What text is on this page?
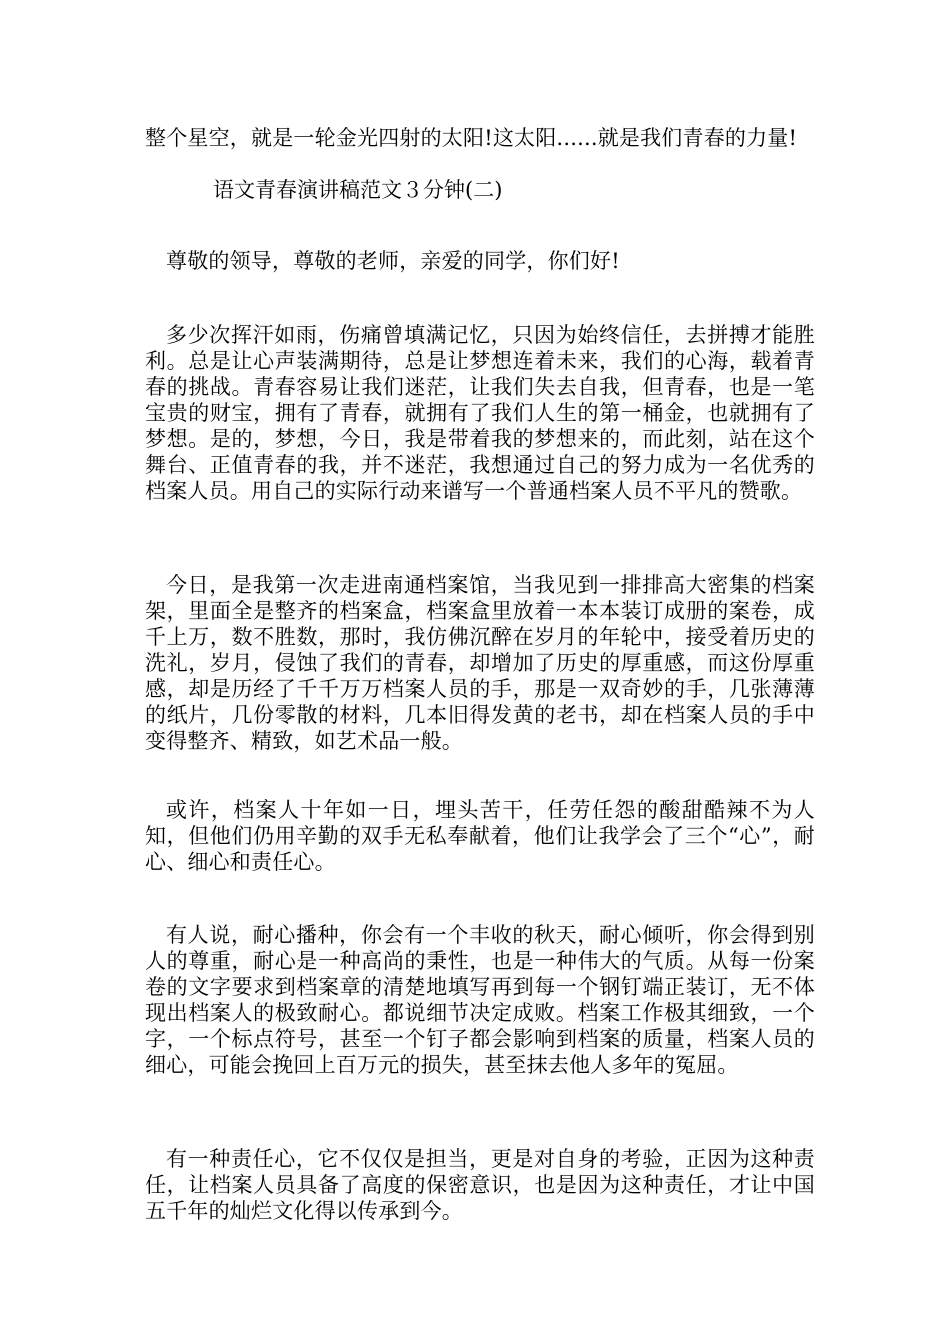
整个星空，就是一轮金光四射的太阳!这太阳......就是我们青春的力量!

语文青春演讲稿范文３分钟(二)

尊敬的领导，尊敬的老师，亲爱的同学，你们好!

多少次挥汗如雨，伤痛曾填满记忆，只因为始终信任，去拼搏才能胜利。总是让心声装满期待，总是让梦想连着未来，我们的心海，载着青春的挑战。青春容易让我们迷茫，让我们失去自我，但青春，也是一笔宝贵的财宝，拥有了青春，就拥有了我们人生的第一桶金，也就拥有了梦想。是的，梦想，今日，我是带着我的梦想来的，而此刻，站在这个舞台、正值青春的我，并不迷茫，我想通过自己的努力成为一名优秀的档案人员。用自己的实际行动来谱写一个普通档案人员不平凡的赞歌。

今日，是我第一次走进南通档案馆，当我见到一排排高大密集的档案架，里面全是整齐的档案盒，档案盒里放着一本本装订成册的案卷，成千上万，数不胜数，那时，我仿佛沉醉在岁月的年轮中，接受着历史的洗礼，岁月，侵蚀了我们的青春，却增加了历史的厚重感，而这份厚重感，却是历经了千千万万档案人员的手，那是一双奇妙的手，几张薄薄的纸片，几份零散的材料，几本旧得发黄的老书，却在档案人员的手中变得整齐、精致，如艺术品一般。

或许，档案人十年如一日，埋头苦干，任劳任怨的酸甜酷辣不为人知，但他们仍用辛勤的双手无私奉献着，他们让我学会了三个“心”，耐心、细心和责任心。

有人说，耐心播种，你会有一个丰收的秋天，耐心倾听，你会得到别人的尊重，耐心是一种高尚的秉性，也是一种伟大的气质。从每一份案卷的文字要求到档案章的清楚地填写再到每一个钢钉端正装订，无不体现出档案人的极致耐心。都说细节决定成败。档案工作极其细致，一个字，一个标点符号，甚至一个钉子都会影响到档案的质量，档案人员的细心，可能会挽回上百万元的损失，甚至抹去他人多年的冤屈。

有一种责任心，它不仅仅是担当，更是对自身的考验，正因为这种责任，让档案人员具备了高度的保密意识，也是因为这种责任，才让中国五千年的灿烂文化得以传承到今。
